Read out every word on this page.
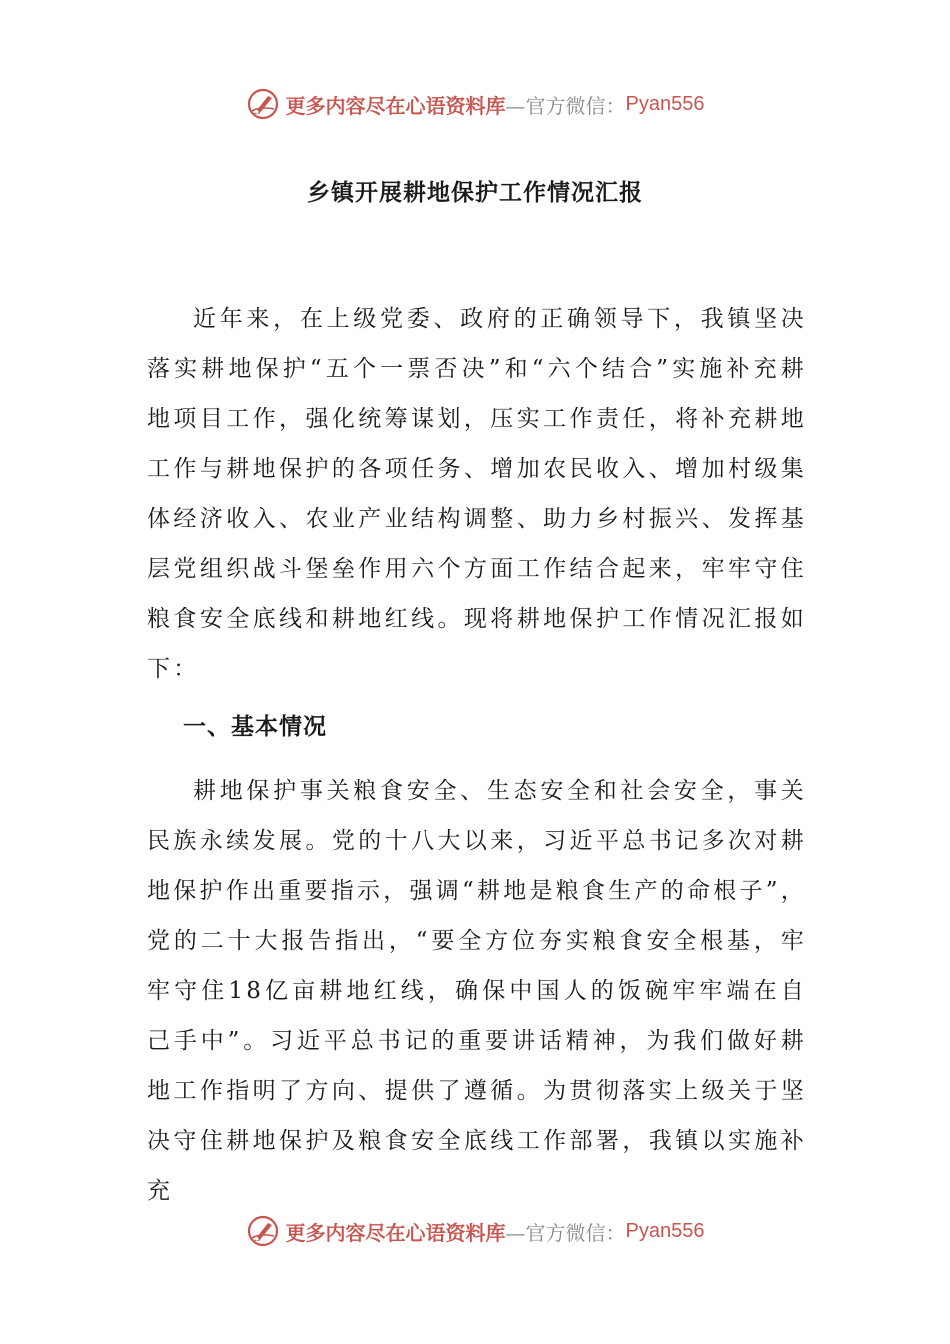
更多内容尽在心语资料库 —官方微信： Pyan556
乡镇开展耕地保护工作情况汇报

近年来，在上级党委、政府的正确领导下，我镇坚决落实耕地保护“五个一票否决”和“六个结合”实施补充耕地项目工作，强化统筹谋划，压实工作责任，将补充耕地工作与耕地保护的各项任务、增加农民收入、增加村级集体经济收入、农业产业结构调整、助力乡村振兴、发挥基层党组织战斗堡垒作用六个方面工作结合起来，牢牢守住粮食安全底线和耕地红线。现将耕地保护工作情况汇报如下：

一、基本情况

耕地保护事关粮食安全、生态安全和社会安全，事关民族永续发展。党的十八大以来，习近平总书记多次对耕地保护作出重要指示，强调“耕地是粮食生产的命根子”，党的二十大报告指出，“要全方位夯实粮食安全根基，牢牢守住18亿亩耕地红线，确保中国人的饭碗牢牢端在自己手中”。习近平总书记的重要讲话精神，为我们做好耕地工作指明了方向、提供了遵循。为贯彻落实上级关于坚决守住耕地保护及粮食安全底线工作部署，我镇以实施补充

更多内容尽在心语资料库 —官方微信： Pyan556
